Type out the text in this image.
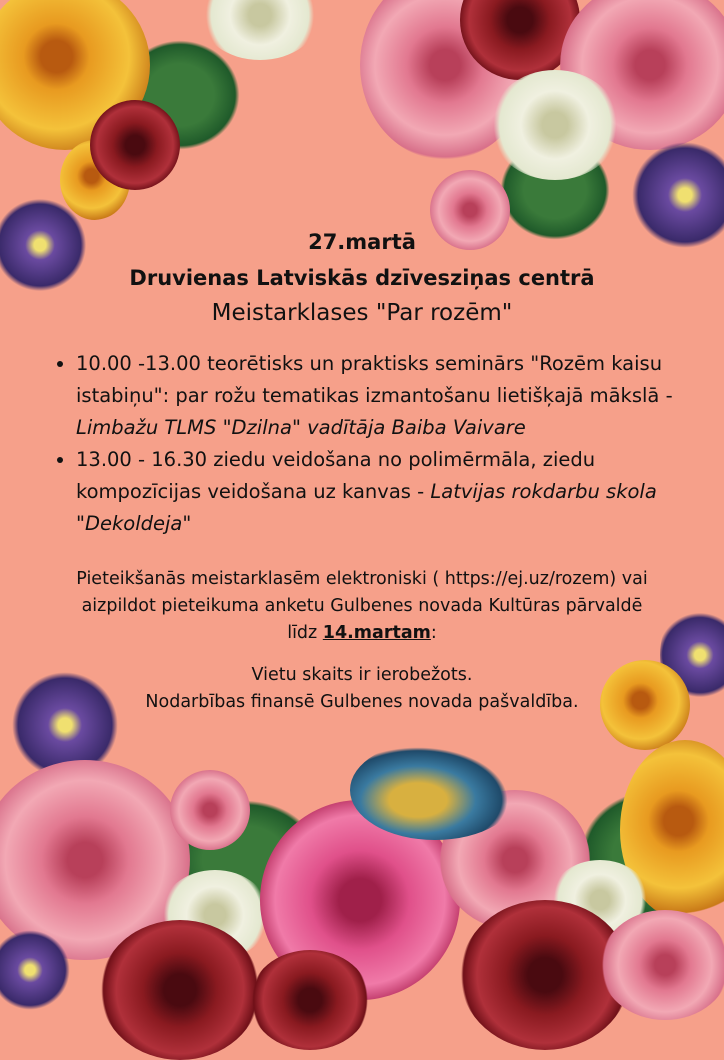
27.martā
Druvienas Latviskās dzīvesziņas centrā
Meistarklases "Par rozēm"
• 10.00 -13.00 teorētisks un praktisks seminārs "Rozēm kaisu istabiņu": par rožu tematikas izmantošanu lietišķajā mākslā - Limbažu TLMS "Dzilna" vadītāja Baiba Vaivare
• 13.00 - 16.30 ziedu veidošana no polimērmāla, ziedu kompozīcijas veidošana uz kanvas - Latvijas rokdarbu skola "Dekoldeja"
Pieteikšanās meistarklasēm elektroniski ( https://ej.uz/rozem) vai
aizpildot pieteikuma anketu Gulbenes novada Kultūras pārvaldē
līdz 14.martam:
Vietu skaits ir ierobežots.
Nodarbības finansē Gulbenes novada pašvaldība.
